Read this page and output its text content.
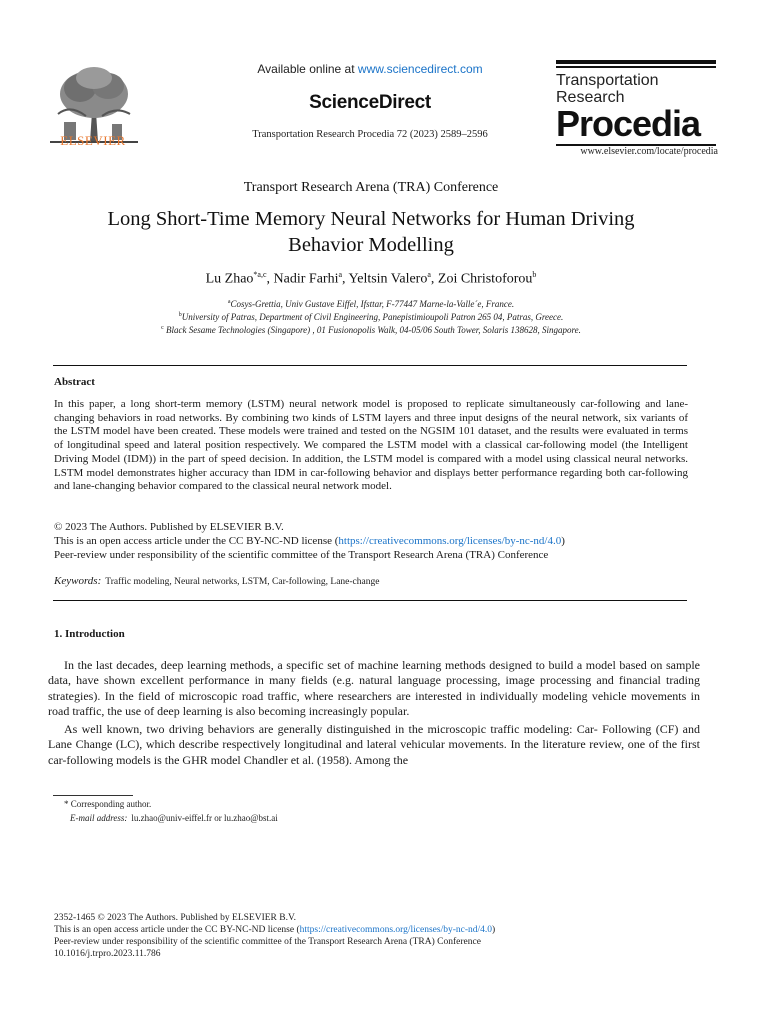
ELSEVIER
Available online at www.sciencedirect.com
ScienceDirect
Transportation Research Procedia 72 (2023) 2589–2596
Transportation
Research
Procedia
www.elsevier.com/locate/procedia
Transport Research Arena (TRA) Conference
Long Short-Time Memory Neural Networks for Human Driving
Behavior Modelling
Lu Zhao$^{*a,c}$, Nadir Farhi$^a$, Yeltsin Valero$^a$, Zoi Christoforou$^b$
$^a$Cosys-Grettia, Univ Gustave Eiffel, Ifsttar, F-77447 Marne-la-Valle´e, France.
$^b$University of Patras, Department of Civil Engineering, Panepistimioupoli Patron 265 04, Patras, Greece.
$^c$ Black Sesame Technologies (Singapore) , 01 Fusionopolis Walk, 04-05/06 South Tower, Solaris 138628, Singapore.
Abstract
In this paper, a long short-term memory (LSTM) neural network model is proposed to replicate simultaneously car-following and lane-changing behaviors in road networks. By combining two kinds of LSTM layers and three input designs of the neural network, six variants of the LSTM model have been created. These models were trained and tested on the NGSIM 101 dataset, and the results were evaluated in terms of longitudinal speed and lateral position respectively. We compared the LSTM model with a classical car-following model (the Intelligent Driving Model (IDM)) in the part of speed decision. In addition, the LSTM model is compared with a model using classical neural networks. LSTM model demonstrates higher accuracy than IDM in car-following behavior and displays better performance regarding both car-following and lane-changing behavior compared to the classical neural network model.
© 2023 The Authors. Published by ELSEVIER B.V.
This is an open access article under the CC BY-NC-ND license (https://creativecommons.org/licenses/by-nc-nd/4.0)
Peer-review under responsibility of the scientific committee of the Transport Research Arena (TRA) Conference
Keywords: Traffic modeling, Neural networks, LSTM, Car-following, Lane-change
1. Introduction
In the last decades, deep learning methods, a specific set of machine learning methods designed to build a model based on sample data, have shown excellent performance in many fields (e.g. natural language processing, image processing and financial trading strategies). In the field of microscopic road traffic, where researchers are interested in individually modeling vehicle movements in road traffic, the use of deep learning is also becoming increasingly popular.
As well known, two driving behaviors are generally distinguished in the microscopic traffic modeling: Car- Following (CF) and Lane Change (LC), which describe respectively longitudinal and lateral vehicular movements. In the literature review, one of the first car-following models is the GHR model Chandler et al. (1958). Among the
* Corresponding author.
E-mail address: lu.zhao@univ-eiffel.fr or lu.zhao@bst.ai
2352-1465 © 2023 The Authors. Published by ELSEVIER B.V.
This is an open access article under the CC BY-NC-ND license (https://creativecommons.org/licenses/by-nc-nd/4.0)
Peer-review under responsibility of the scientific committee of the Transport Research Arena (TRA) Conference
10.1016/j.trpro.2023.11.786
